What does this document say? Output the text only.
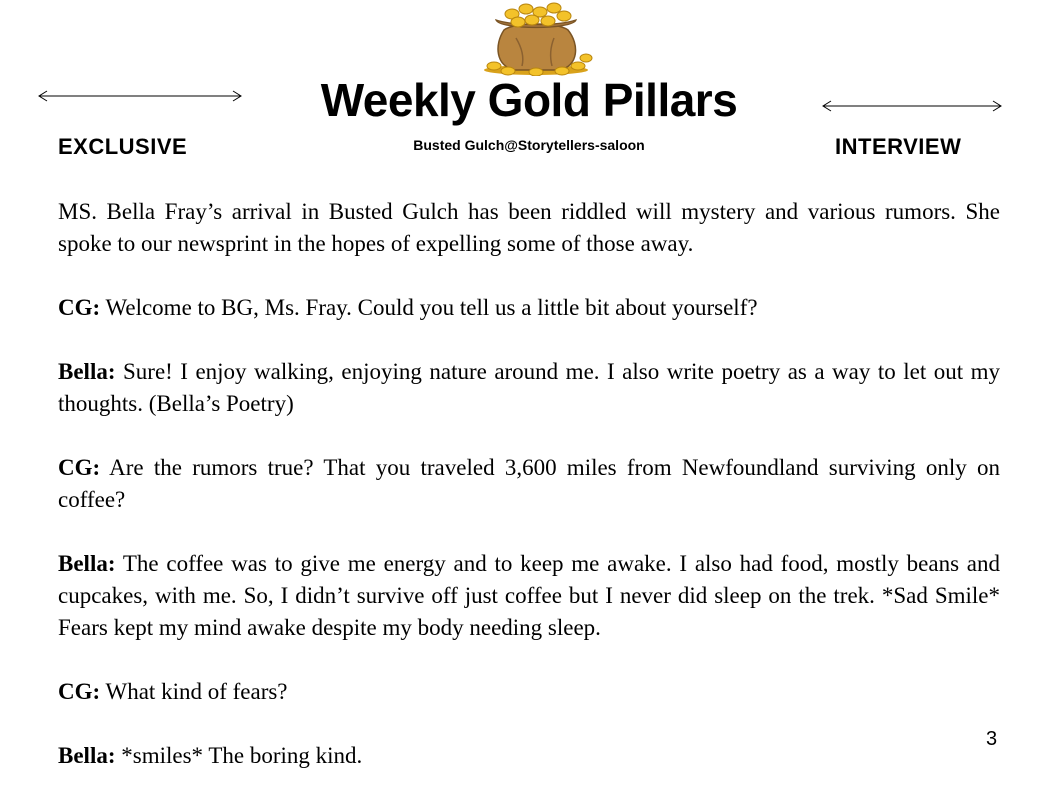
Weekly Gold Pillars
Busted Gulch@Storytellers-saloon
EXCLUSIVE	INTERVIEW

MS. Bella Fray’s arrival in Busted Gulch has been riddled will mystery and various rumors. She spoke to our newsprint in the hopes of expelling some of those away.

CG: Welcome to BG, Ms. Fray. Could you tell us a little bit about yourself?

Bella: Sure! I enjoy walking, enjoying nature around me. I also write poetry as a way to let out my thoughts. (Bella’s Poetry)

CG: Are the rumors true? That you traveled 3,600 miles from Newfoundland surviving only on coffee?

Bella: The coffee was to give me energy and to keep me awake. I also had food, mostly beans and cupcakes, with me. So, I didn’t survive off just coffee but I never did sleep on the trek. *Sad Smile* Fears kept my mind awake despite my body needing sleep.

CG: What kind of fears?

Bella: *smiles* The boring kind.

3
